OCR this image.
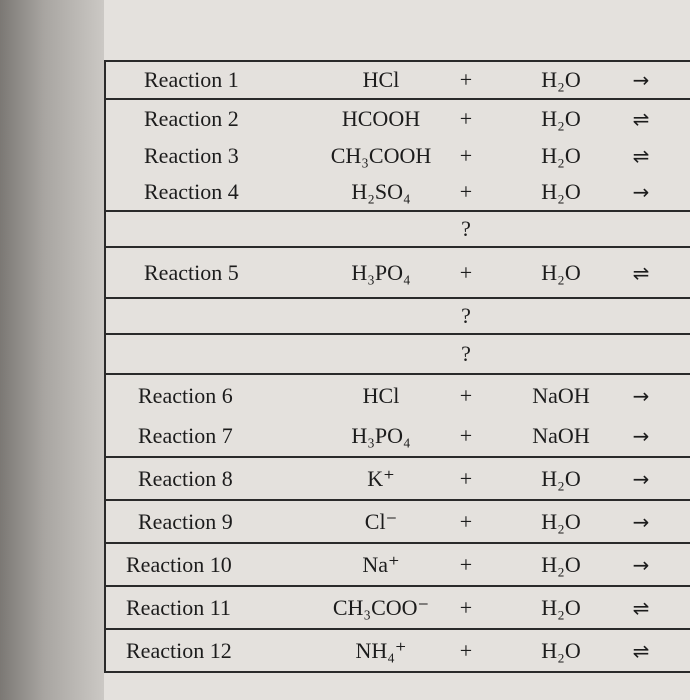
Reaction 1	HCl	+	H₂O	→
Reaction 2	HCOOH	+	H₂O	⇌
Reaction 3	CH₃COOH	+	H₂O	⇌
Reaction 4	H₂SO₄	+	H₂O	→
?
Reaction 5	H₃PO₄	+	H₂O	⇌
?
?
Reaction 6	HCl	+	NaOH	→
Reaction 7	H₃PO₄	+	NaOH	→
Reaction 8	K⁺	+	H₂O	→
Reaction 9	Cl⁻	+	H₂O	→
Reaction 10	Na⁺	+	H₂O	→
Reaction 11	CH₃COO⁻	+	H₂O	⇌
Reaction 12	NH₄⁺	+	H₂O	⇌
